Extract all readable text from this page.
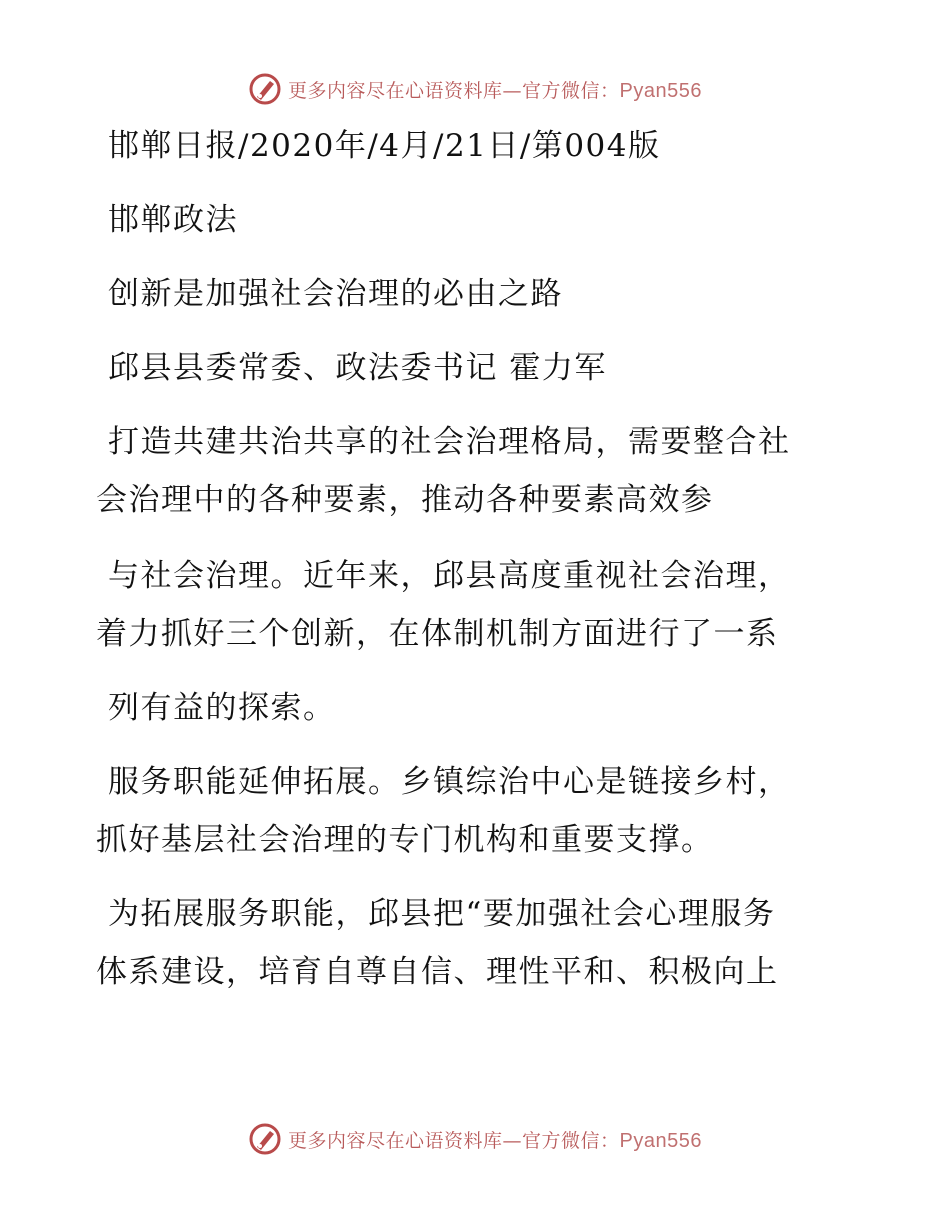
更多内容尽在心语资料库—官方微信：Pyan556
邯郸日报/2020年/4月/21日/第004版
邯郸政法
创新是加强社会治理的必由之路
邱县县委常委、政法委书记 霍力军
打造共建共治共享的社会治理格局，需要整合社
会治理中的各种要素，推动各种要素高效参
与社会治理。近年来，邱县高度重视社会治理，
着力抓好三个创新，在体制机制方面进行了一系
列有益的探索。
服务职能延伸拓展。乡镇综治中心是链接乡村，
抓好基层社会治理的专门机构和重要支撑。
为拓展服务职能，邱县把“要加强社会心理服务
体系建设，培育自尊自信、理性平和、积极向上
更多内容尽在心语资料库—官方微信：Pyan556
